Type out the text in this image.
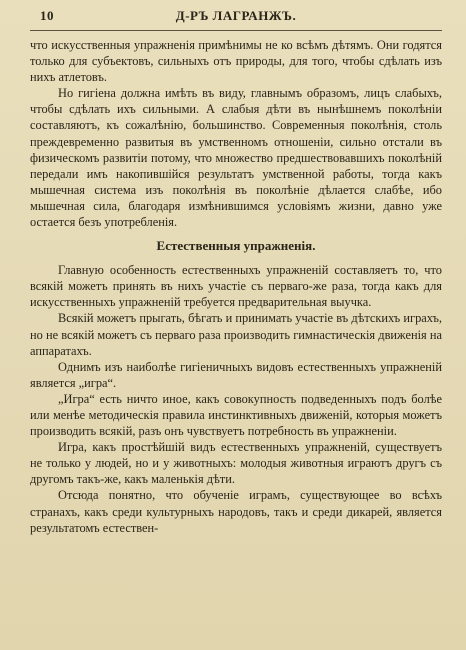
10	Д-РЪ ЛАГРАНЖЪ.

что искусственныя упражненія примѣнимы не ко всѣмъ дѣтямъ. Они годятся только для субъектовъ, сильныхъ отъ природы, для того, чтобы сдѣлать изъ нихъ атлетовъ.

Но гигіена должна имѣть въ виду, главнымъ образомъ, лицъ слабыхъ, чтобы сдѣлать ихъ сильными. А слабыя дѣти въ нынѣшнемъ поколѣніи составляютъ, къ сожалѣнію, большинство. Современныя поколѣнія, столь преждевременно развитыя въ умственномъ отношеніи, сильно отстали въ физическомъ развитіи потому, что множество предшествовавшихъ поколѣній передали имъ накопившійся результатъ умственной работы, тогда какъ мышечная система изъ поколѣнія въ поколѣніе дѣлается слабѣе, ибо мышечная сила, благодаря измѣнившимся условіямъ жизни, давно уже остается безъ употребленія.

Естественныя упражненія.

Главную особенность естественныхъ упражненій составляетъ то, что всякій можетъ принять въ нихъ участіе съ перваго-же раза, тогда какъ для искусственныхъ упражненій требуется предварительная выучка.

Всякій можетъ прыгать, бѣгать и принимать участіе въ дѣтскихъ играхъ, но не всякій можетъ съ перваго раза производить гимнастическія движенія на аппаратахъ.

Однимъ изъ наиболѣе гигіеничныхъ видовъ естественныхъ упражненій является „игра“.

„Игра“ есть ничто иное, какъ совокупность подведенныхъ подъ болѣе или менѣе методическія правила инстинктивныхъ движеній, которыя можетъ производить всякій, разъ онъ чувствуетъ потребность въ упражненіи.

Игра, какъ простѣйшій видъ естественныхъ упражненій, существуетъ не только у людей, но и у животныхъ: молодыя животныя играютъ другъ съ другомъ такъ-же, какъ маленькія дѣти.

Отсюда понятно, что обученіе играмъ, существующее во всѣхъ странахъ, какъ среди культурныхъ народовъ, такъ и среди дикарей, является результатомъ естествен-
